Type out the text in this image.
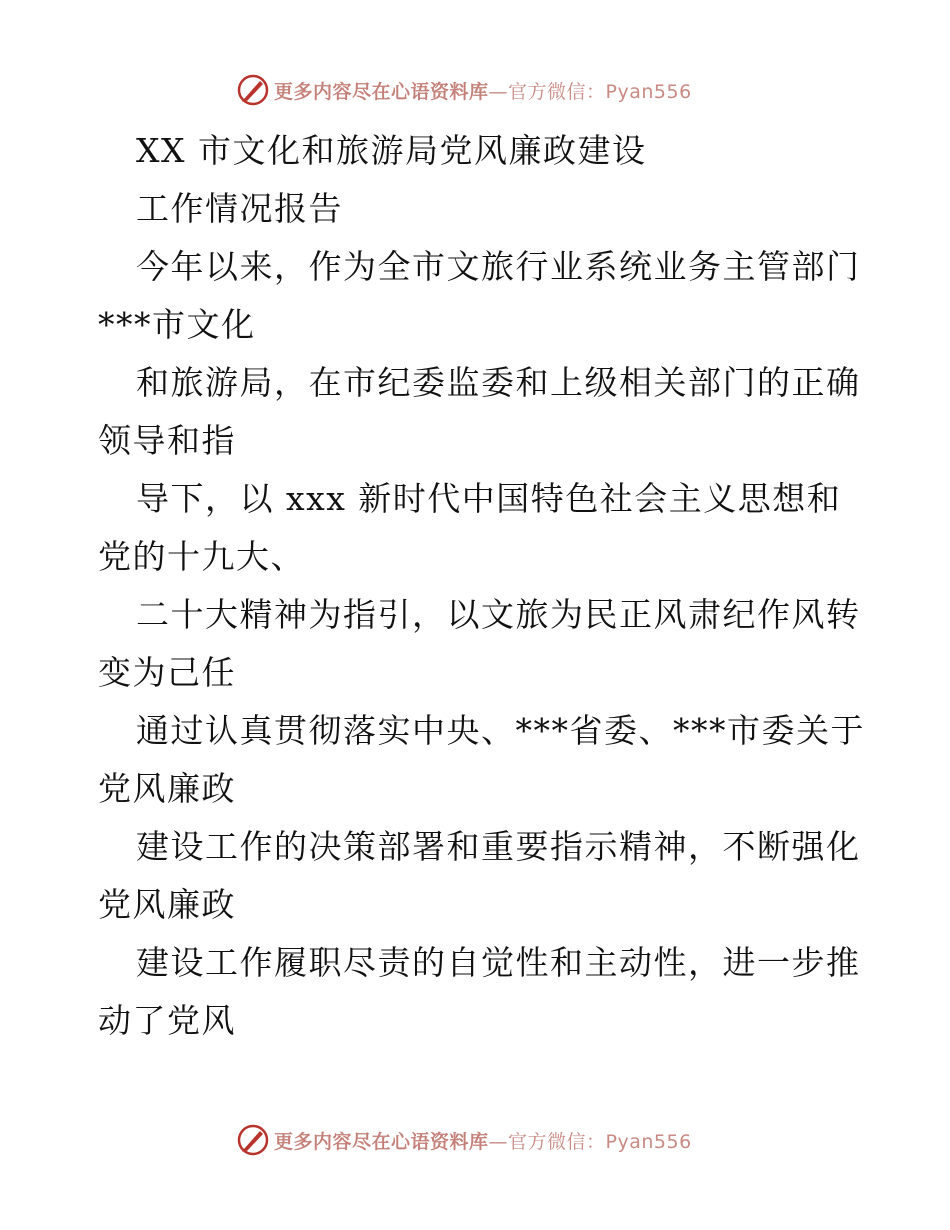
更多内容尽在心语资料库—官方微信：Pyan556
XX 市文化和旅游局党风廉政建设
工作情况报告
今年以来，作为全市文旅行业系统业务主管部门
***市文化
和旅游局，在市纪委监委和上级相关部门的正确
领导和指
导下，以 xxx 新时代中国特色社会主义思想和
党的十九大、
二十大精神为指引，以文旅为民正风肃纪作风转
变为己任
通过认真贯彻落实中央、***省委、***市委关于
党风廉政
建设工作的决策部署和重要指示精神，不断强化
党风廉政
建设工作履职尽责的自觉性和主动性，进一步推
动了党风
更多内容尽在心语资料库—官方微信：Pyan556
